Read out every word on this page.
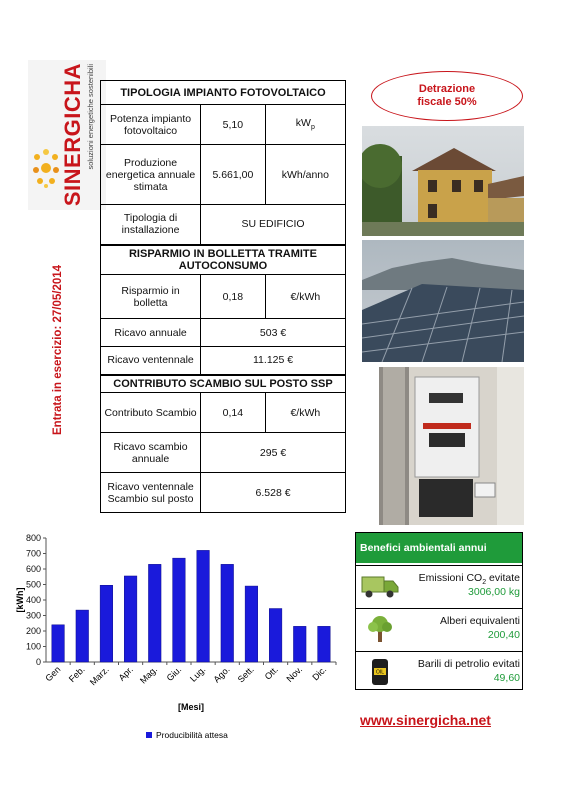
SINERGICHA soluzioni energetiche sostenibili
Entrata in esercizio: 27/05/2014
TIPOLOGIA IMPIANTO FOTOVOLTAICO		
Potenza impianto fotovoltaico	5,10	$kW_p$
Produzione energetica annuale stimata	5.661,00	kWh/anno
Tipologia di installazione	SU EDIFICIO	
RISPARMIO IN BOLLETTA TRAMITE AUTOCONSUMO		
Risparmio in bolletta	0,18	€/kWh
Ricavo annuale	503 €	
Ricavo ventennale	11.125 €	
CONTRIBUTO SCAMBIO SUL POSTO SSP		
Contributo Scambio	0,14	€/kWh
Ricavo scambio annuale	295 €	
Ricavo ventennale Scambio sul posto	6.528 €	
Detrazione
fiscale 50%
0
100
200
300
400
500
600
700
800
[kWh]
Gen Feb. Marz. Apr. Mag. Giu. Lug. Ago. Sett. Ott. Nov. Dic.
[Mesi]
Producibilità attesa
Benefici ambientali annui
Emissioni $CO_2$ evitate
3006,00 kg
Alberi equivalenti
200,40
OIL
Barili di petrolio evitati
49,60
www.sinergicha.net
